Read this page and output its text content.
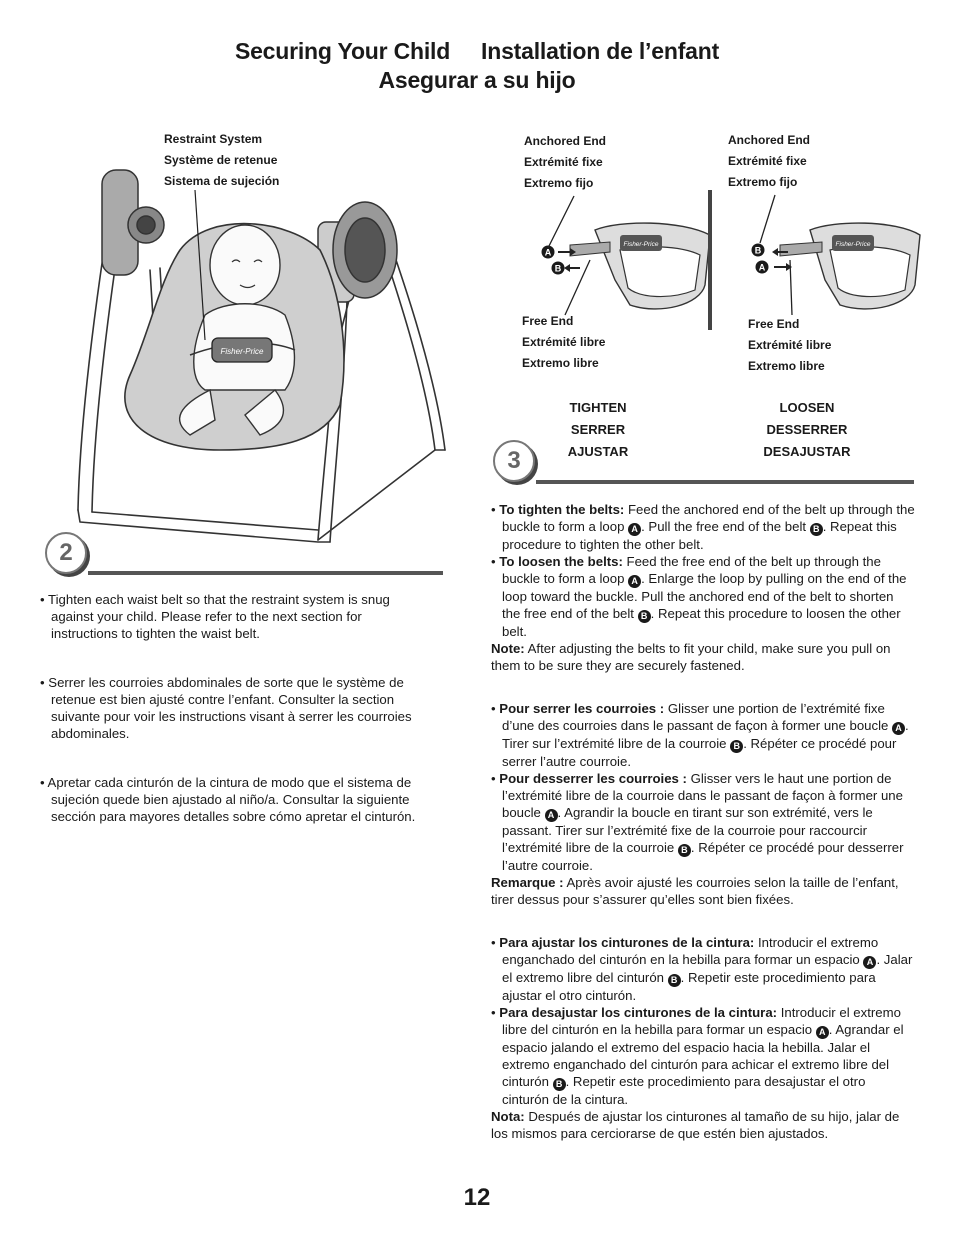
Securing Your Child Installation de l’enfant
Asegurar a su hijo
Restraint System
Système de retenue
Sistema de sujeción
Fisher-Price
2
Anchored End
Extrémité fixe
Extremo fijo
Anchored End
Extrémité fixe
Extremo fijo
Fisher-Price
A
B
Fisher-Price
B
A
Free End
Extrémité libre
Extremo libre
Free End
Extrémité libre
Extremo libre
TIGHTEN
SERRER
AJUSTAR
LOOSEN
DESSERRER
DESAJUSTAR
3

• Tighten each waist belt so that the restraint system is snug against your child. Please refer to the next section for instructions to tighten the waist belt.

• Serrer les courroies abdominales de sorte que le système de retenue est bien ajusté contre l’enfant. Consulter la section suivante pour voir les instructions visant à serrer les courroies abdominales.

• Apretar cada cinturón de la cintura de modo que el sistema de sujeción quede bien ajustado al niño/a. Consultar la siguiente sección para mayores detalles sobre cómo apretar el cinturón.

• To tighten the belts: Feed the anchored end of the belt up through the buckle to form a loop A . Pull the free end of the belt B . Repeat this procedure to tighten the other belt.

• To loosen the belts: Feed the free end of the belt up through the buckle to form a loop A . Enlarge the loop by pulling on the end of the loop toward the buckle. Pull the anchored end of the belt to shorten the free end of the belt B . Repeat this procedure to loosen the other belt.

Note: After adjusting the belts to fit your child, make sure you pull on them to be sure they are securely fastened.

• Pour serrer les courroies : Glisser une portion de l’extrémité fixe d’une des courroies dans le passant de façon à former une boucle A . Tirer sur l’extrémité libre de la courroie B . Répéter ce procédé pour serrer l’autre courroie.

• Pour desserrer les courroies : Glisser vers le haut une portion de l’extrémité libre de la courroie dans le passant de façon à former une boucle A . Agrandir la boucle en tirant sur son extrémité, vers le passant. Tirer sur l’extrémité fixe de la courroie pour raccourcir l’extrémité libre de la courroie B . Répéter ce procédé pour desserrer l’autre courroie.

Remarque : Après avoir ajusté les courroies selon la taille de l’enfant, tirer dessus pour s’assurer qu’elles sont bien fixées.

• Para ajustar los cinturones de la cintura: Introducir el extremo enganchado del cinturón en la hebilla para formar un espacio A . Jalar el extremo libre del cinturón B . Repetir este procedimiento para ajustar el otro cinturón.

• Para desajustar los cinturones de la cintura: Introducir el extremo libre del cinturón en la hebilla para formar un espacio A . Agrandar el espacio jalando el extremo del espacio hacia la hebilla. Jalar el extremo enganchado del cinturón para achicar el extremo libre del cinturón B . Repetir este procedimiento para desajustar el otro cinturón de la cintura.

Nota: Después de ajustar los cinturones al tamaño de su hijo, jalar de los mismos para cerciorarse de que estén bien ajustados.

12
